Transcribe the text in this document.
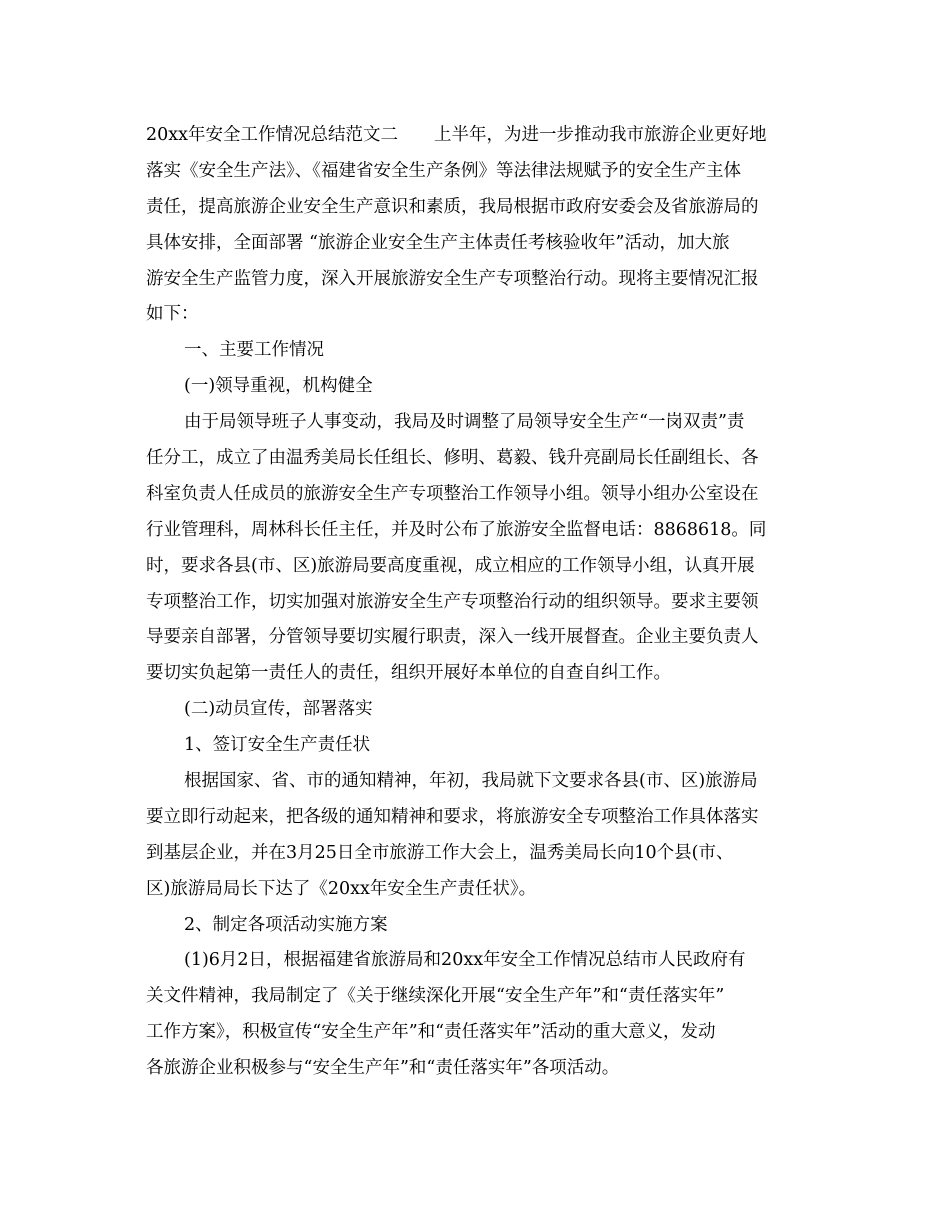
20xx年安全工作情况总结范文二 上半年，为进一步推动我市旅游企业更好地
落实《安全生产法》、《福建省安全生产条例》等法律法规赋予的安全生产主体
责任，提高旅游企业安全生产意识和素质，我局根据市政府安委会及省旅游局的
具体安排，全面部署 “旅游企业安全生产主体责任考核验收年”活动，加大旅
游安全生产监管力度，深入开展旅游安全生产专项整治行动。现将主要情况汇报
如下：
一、主要工作情况
(一)领导重视，机构健全
由于局领导班子人事变动，我局及时调整了局领导安全生产“一岗双责”责
任分工，成立了由温秀美局长任组长、修明、葛毅、钱升亮副局长任副组长、各
科室负责人任成员的旅游安全生产专项整治工作领导小组。领导小组办公室设在
行业管理科，周林科长任主任，并及时公布了旅游安全监督电话：8868618。同
时，要求各县(市、区)旅游局要高度重视，成立相应的工作领导小组，认真开展
专项整治工作，切实加强对旅游安全生产专项整治行动的组织领导。要求主要领
导要亲自部署，分管领导要切实履行职责，深入一线开展督查。企业主要负责人
要切实负起第一责任人的责任，组织开展好本单位的自查自纠工作。
(二)动员宣传，部署落实
1、签订安全生产责任状
根据国家、省、市的通知精神，年初，我局就下文要求各县(市、区)旅游局
要立即行动起来，把各级的通知精神和要求，将旅游安全专项整治工作具体落实
到基层企业，并在3月25日全市旅游工作大会上，温秀美局长向10个县(市、
区)旅游局局长下达了《20xx年安全生产责任状》。
2、制定各项活动实施方案
(1)6月2日，根据福建省旅游局和20xx年安全工作情况总结市人民政府有
关文件精神，我局制定了《关于继续深化开展“安全生产年”和“责任落实年”
工作方案》，积极宣传“安全生产年”和“责任落实年”活动的重大意义，发动
各旅游企业积极参与“安全生产年”和“责任落实年”各项活动。
